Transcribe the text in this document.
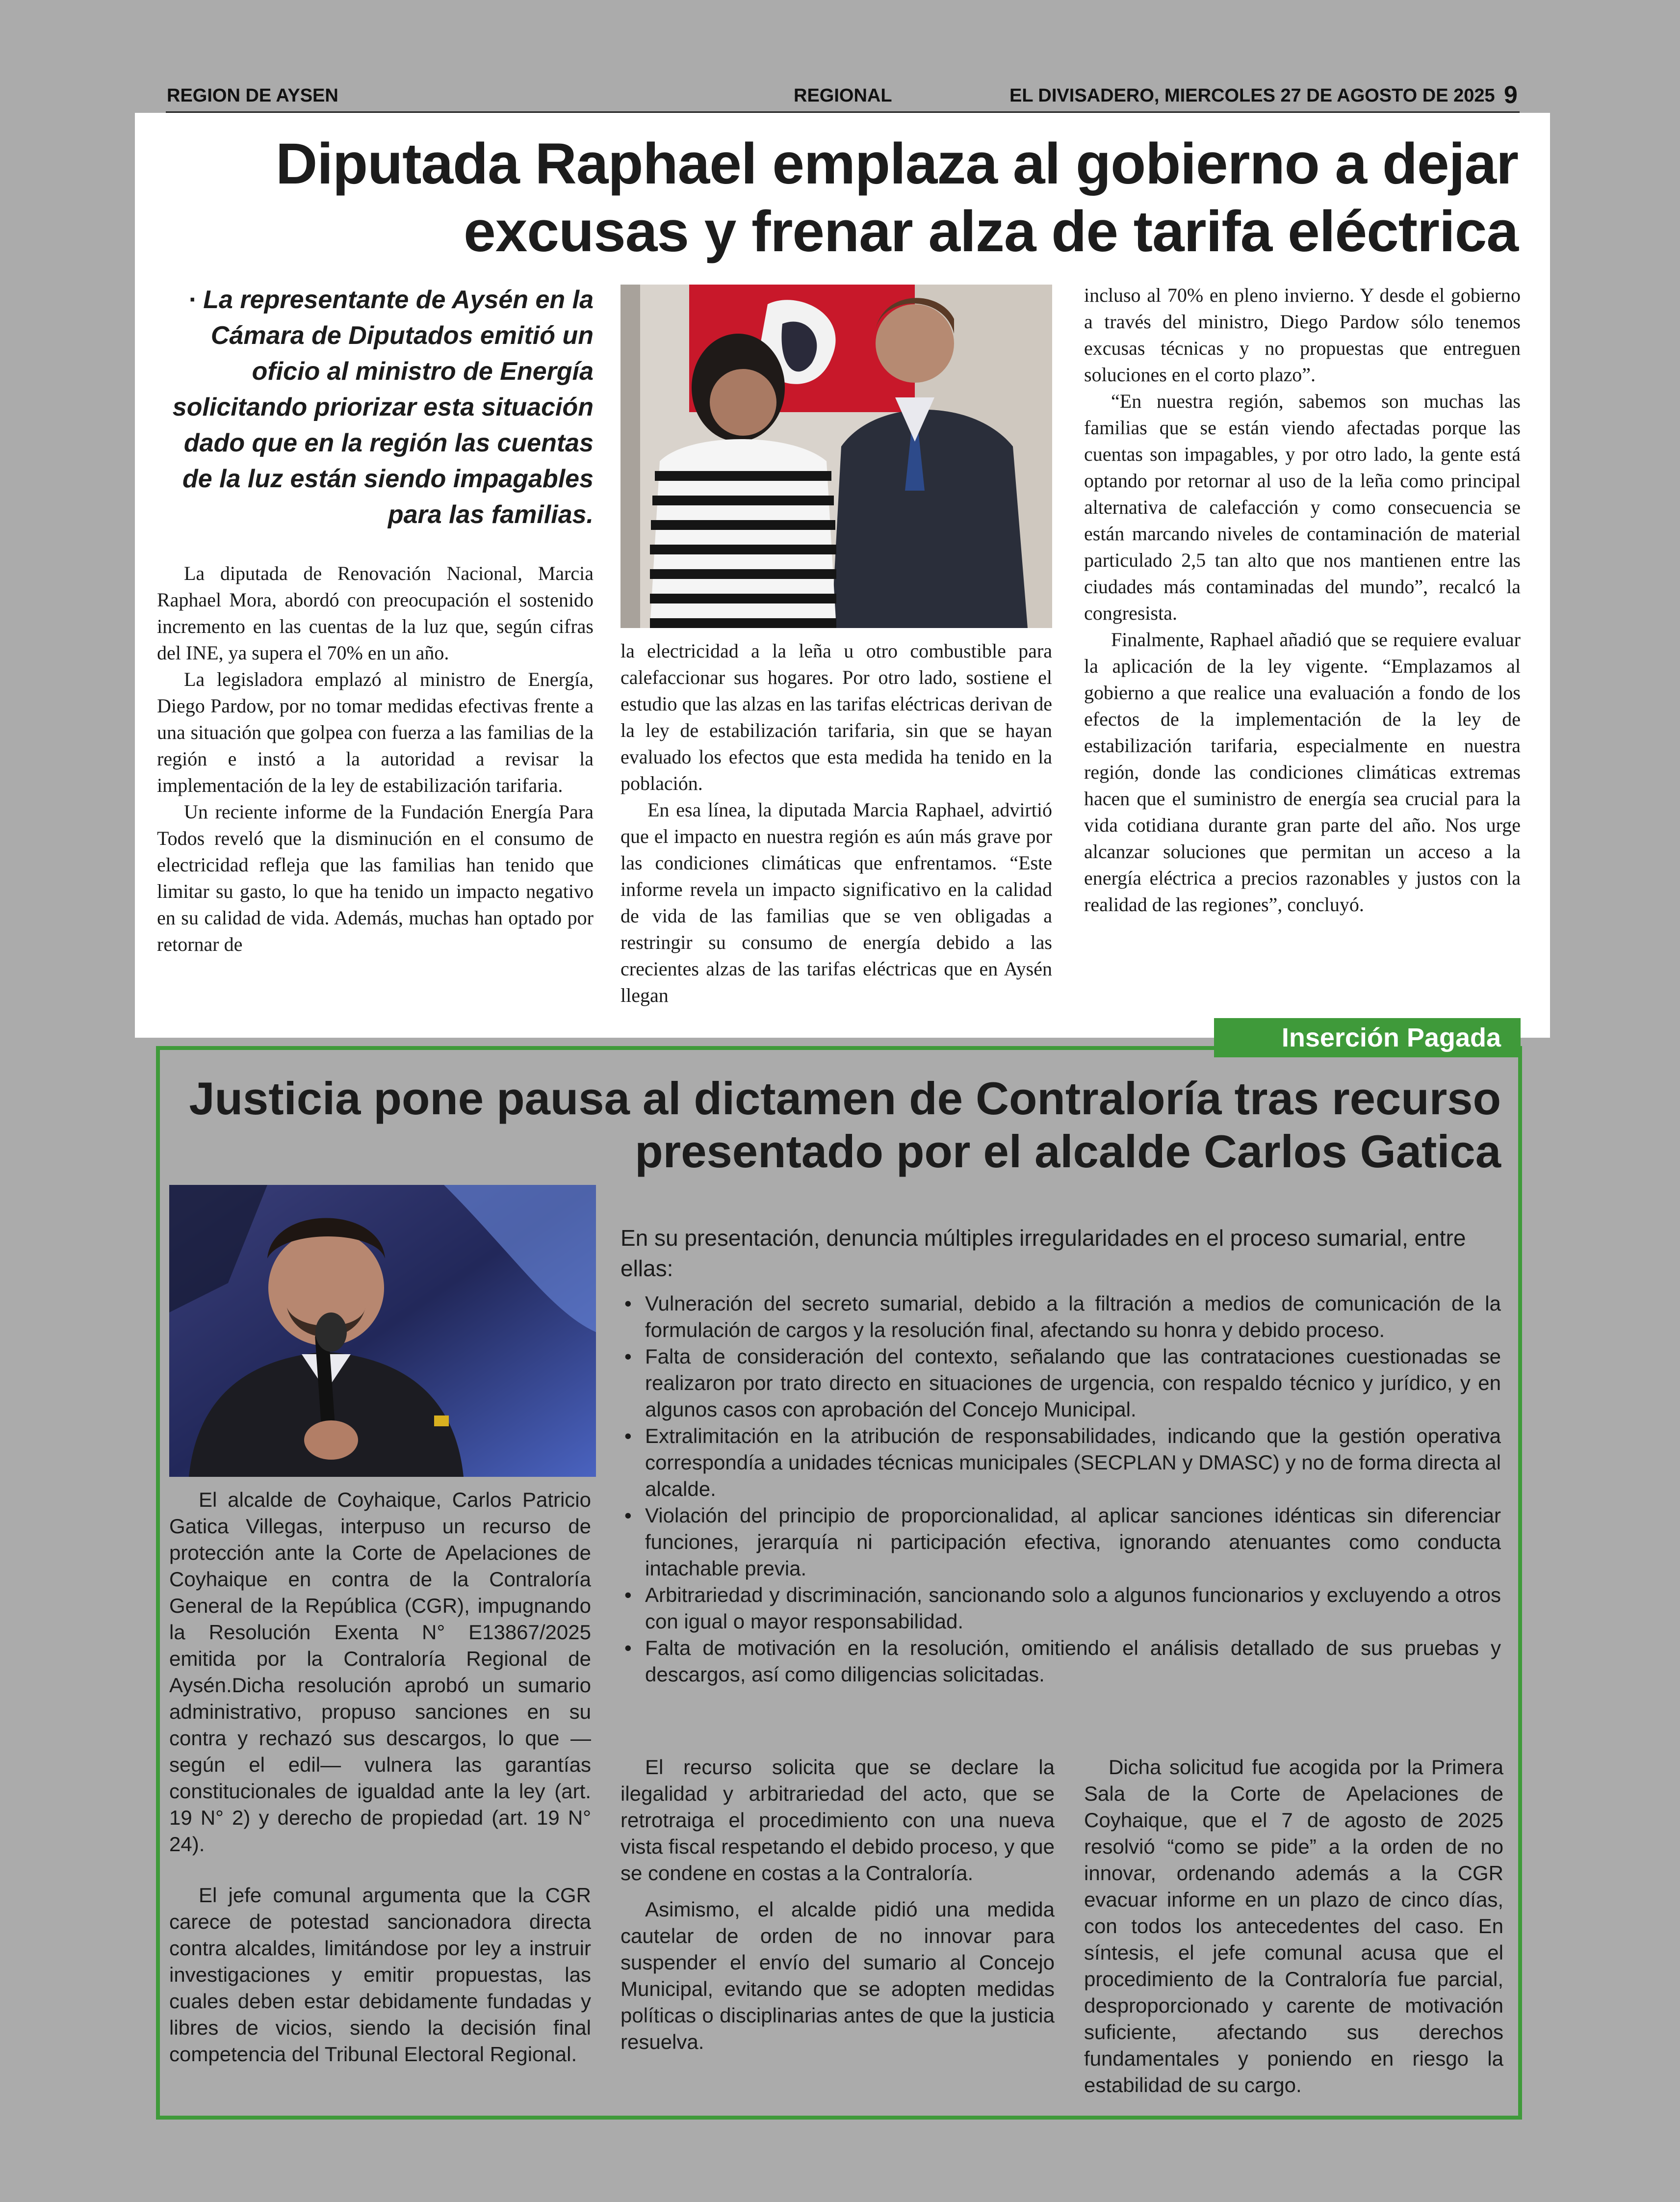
REGION DE AYSEN	REGIONAL	EL DIVISADERO, MIERCOLES 27 DE AGOSTO DE 2025 9
Diputada Raphael emplaza al gobierno a dejar
excusas y frenar alza de tarifa eléctrica
· La representante de Aysén en la Cámara de Diputados emitió un oficio al ministro de Energía solicitando priorizar esta situación dado que en la región las cuentas de la luz están siendo impagables para las familias.

La diputada de Renovación Nacional, Marcia Raphael Mora, abordó con preocupación el sostenido incremento en las cuentas de la luz que, según cifras del INE, ya supera el 70% en un año.

La legisladora emplazó al ministro de Energía, Diego Pardow, por no tomar medidas efectivas frente a una situación que golpea con fuerza a las familias de la región e instó a la autoridad a revisar la implementación de la ley de estabilización tarifaria.

Un reciente informe de la Fundación Energía Para Todos reveló que la disminución en el consumo de electricidad refleja que las familias han tenido que limitar su gasto, lo que ha tenido un impacto negativo en su calidad de vida. Además, muchas han optado por retornar de

la electricidad a la leña u otro combustible para calefaccionar sus hogares. Por otro lado, sostiene el estudio que las alzas en las tarifas eléctricas derivan de la ley de estabilización tarifaria, sin que se hayan evaluado los efectos que esta medida ha tenido en la población.

En esa línea, la diputada Marcia Raphael, advirtió que el impacto en nuestra región es aún más grave por las condiciones climáticas que enfrentamos. “Este informe revela un impacto significativo en la calidad de vida de las familias que se ven obligadas a restringir su consumo de energía debido a las crecientes alzas de las tarifas eléctricas que en Aysén llegan

incluso al 70% en pleno invierno. Y desde el gobierno a través del ministro, Diego Pardow sólo tenemos excusas técnicas y no propuestas que entreguen soluciones en el corto plazo”.

“En nuestra región, sabemos son muchas las familias que se están viendo afectadas porque las cuentas son impagables, y por otro lado, la gente está optando por retornar al uso de la leña como principal alternativa de calefacción y como consecuencia se están marcando niveles de contaminación de material particulado 2,5 tan alto que nos mantienen entre las ciudades más contaminadas del mundo”, recalcó la congresista.

Finalmente, Raphael añadió que se requiere evaluar la aplicación de la ley vigente. “Emplazamos al gobierno a que realice una evaluación a fondo de los efectos de la implementación de la ley de estabilización tarifaria, especialmente en nuestra región, donde las condiciones climáticas extremas hacen que el suministro de energía sea crucial para la vida cotidiana durante gran parte del año. Nos urge alcanzar soluciones que permitan un acceso a la energía eléctrica a precios razonables y justos con la realidad de las regiones”, concluyó.

Inserción Pagada
Justicia pone pausa al dictamen de Contraloría tras recurso
presentado por el alcalde Carlos Gatica

El alcalde de Coyhaique, Carlos Patricio Gatica Villegas, interpuso un recurso de protección ante la Corte de Apelaciones de Coyhaique en contra de la Contraloría General de la República (CGR), impugnando la Resolución Exenta N° E13867/2025 emitida por la Contraloría Regional de Aysén.Dicha resolución aprobó un sumario administrativo, propuso sanciones en su contra y rechazó sus descargos, lo que —según el edil— vulnera las garantías constitucionales de igualdad ante la ley (art. 19 N° 2) y derecho de propiedad (art. 19 N° 24).

El jefe comunal argumenta que la CGR carece de potestad sancionadora directa contra alcaldes, limitándose por ley a instruir investigaciones y emitir propuestas, las cuales deben estar debidamente fundadas y libres de vicios, siendo la decisión final competencia del Tribunal Electoral Regional.

En su presentación, denuncia múltiples irregularidades en el proceso sumarial, entre ellas:
• Vulneración del secreto sumarial, debido a la filtración a medios de comunicación de la formulación de cargos y la resolución final, afectando su honra y debido proceso.
• Falta de consideración del contexto, señalando que las contrataciones cuestionadas se realizaron por trato directo en situaciones de urgencia, con respaldo técnico y jurídico, y en algunos casos con aprobación del Concejo Municipal.
• Extralimitación en la atribución de responsabilidades, indicando que la gestión operativa correspondía a unidades técnicas municipales (SECPLAN y DMASC) y no de forma directa al alcalde.
• Violación del principio de proporcionalidad, al aplicar sanciones idénticas sin diferenciar funciones, jerarquía ni participación efectiva, ignorando atenuantes como conducta intachable previa.
• Arbitrariedad y discriminación, sancionando solo a algunos funcionarios y excluyendo a otros con igual o mayor responsabilidad.
• Falta de motivación en la resolución, omitiendo el análisis detallado de sus pruebas y descargos, así como diligencias solicitadas.

El recurso solicita que se declare la ilegalidad y arbitrariedad del acto, que se retrotraiga el procedimiento con una nueva vista fiscal respetando el debido proceso, y que se condene en costas a la Contraloría.

Asimismo, el alcalde pidió una medida cautelar de orden de no innovar para suspender el envío del sumario al Concejo Municipal, evitando que se adopten medidas políticas o disciplinarias antes de que la justicia resuelva.

Dicha solicitud fue acogida por la Primera Sala de la Corte de Apelaciones de Coyhaique, que el 7 de agosto de 2025 resolvió “como se pide” a la orden de no innovar, ordenando además a la CGR evacuar informe en un plazo de cinco días, con todos los antecedentes del caso. En síntesis, el jefe comunal acusa que el procedimiento de la Contraloría fue parcial, desproporcionado y carente de motivación suficiente, afectando sus derechos fundamentales y poniendo en riesgo la estabilidad de su cargo.
